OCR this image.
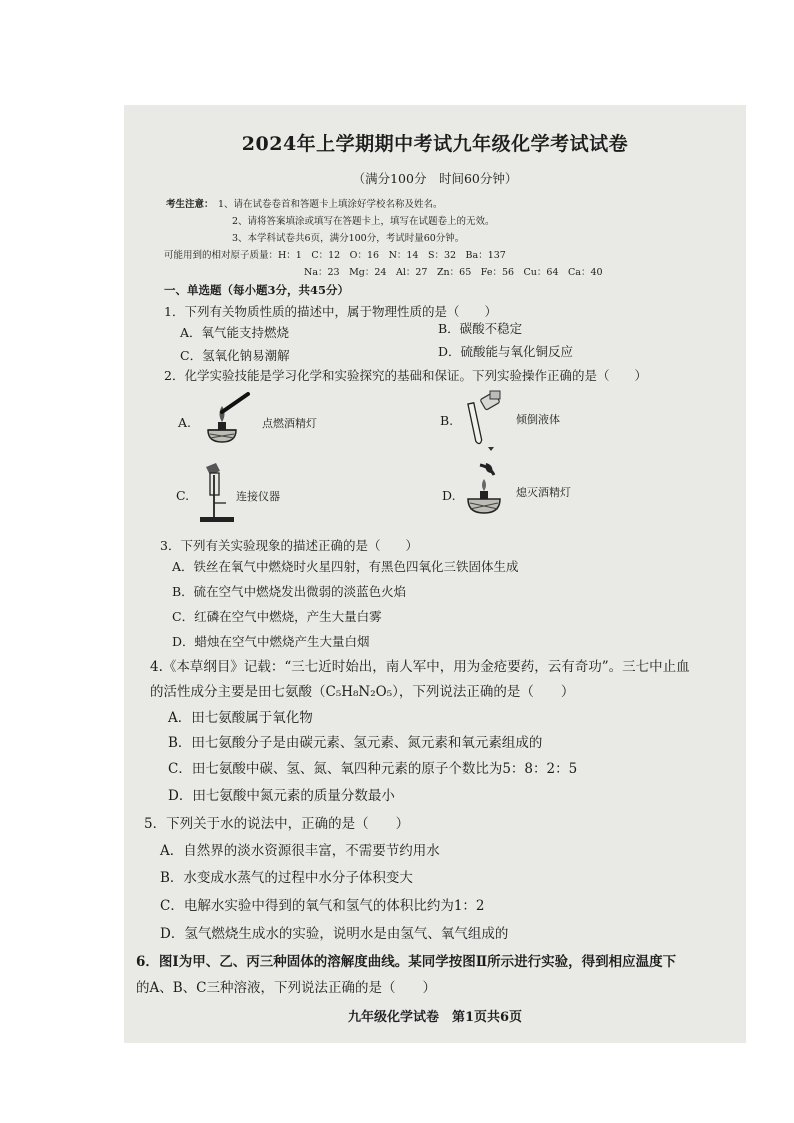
2024年上学期期中考试九年级化学考试试卷
（满分100分　时间60分钟）
考生注意： 1、请在试卷卷首和答题卡上填涂好学校名称及姓名。
2、请将答案填涂或填写在答题卡上，填写在试题卷上的无效。
3、本学科试卷共6页，满分100分，考试时量60分钟。
可能用到的相对原子质量：H：1　C：12　O：16　N：14　S：32　Ba：137
Na：23　Mg：24　Al：27　Zn：65　Fe：56　Cu：64　Ca：40
一、单选题（每小题3分，共45分）
1．下列有关物质性质的描述中，属于物理性质的是（　　）
A．氧气能支持燃烧	B．碳酸不稳定
C．氢氧化钠易潮解	D．硫酸能与氧化铜反应
2．化学实验技能是学习化学和实验探究的基础和保证。下列实验操作正确的是（　　）
A.	点燃酒精灯	B.	倾倒液体
C.	连接仪器	D.	熄灭酒精灯
3．下列有关实验现象的描述正确的是（　　）
A．铁丝在氧气中燃烧时火星四射，有黑色四氧化三铁固体生成
B．硫在空气中燃烧发出微弱的淡蓝色火焰
C．红磷在空气中燃烧，产生大量白雾
D．蜡烛在空气中燃烧产生大量白烟
4.《本草纲目》记载：“三七近时始出，南人军中，用为金疮要药，云有奇功”。三七中止血
的活性成分主要是田七氨酸（C₅H₈N₂O₅），下列说法正确的是（　　）
A．田七氨酸属于氧化物
B．田七氨酸分子是由碳元素、氢元素、氮元素和氧元素组成的
C．田七氨酸中碳、氢、氮、氧四种元素的原子个数比为5：8：2：5
D．田七氨酸中氮元素的质量分数最小
5．下列关于水的说法中，正确的是（　　）
A．自然界的淡水资源很丰富，不需要节约用水
B．水变成水蒸气的过程中水分子体积变大
C．电解水实验中得到的氧气和氢气的体积比约为1：2
D．氢气燃烧生成水的实验，说明水是由氢气、氧气组成的
6．图Ⅰ为甲、乙、丙三种固体的溶解度曲线。某同学按图Ⅱ所示进行实验，得到相应温度下
的A、B、C三种溶液，下列说法正确的是（　　）
九年级化学试卷　第1页共6页
